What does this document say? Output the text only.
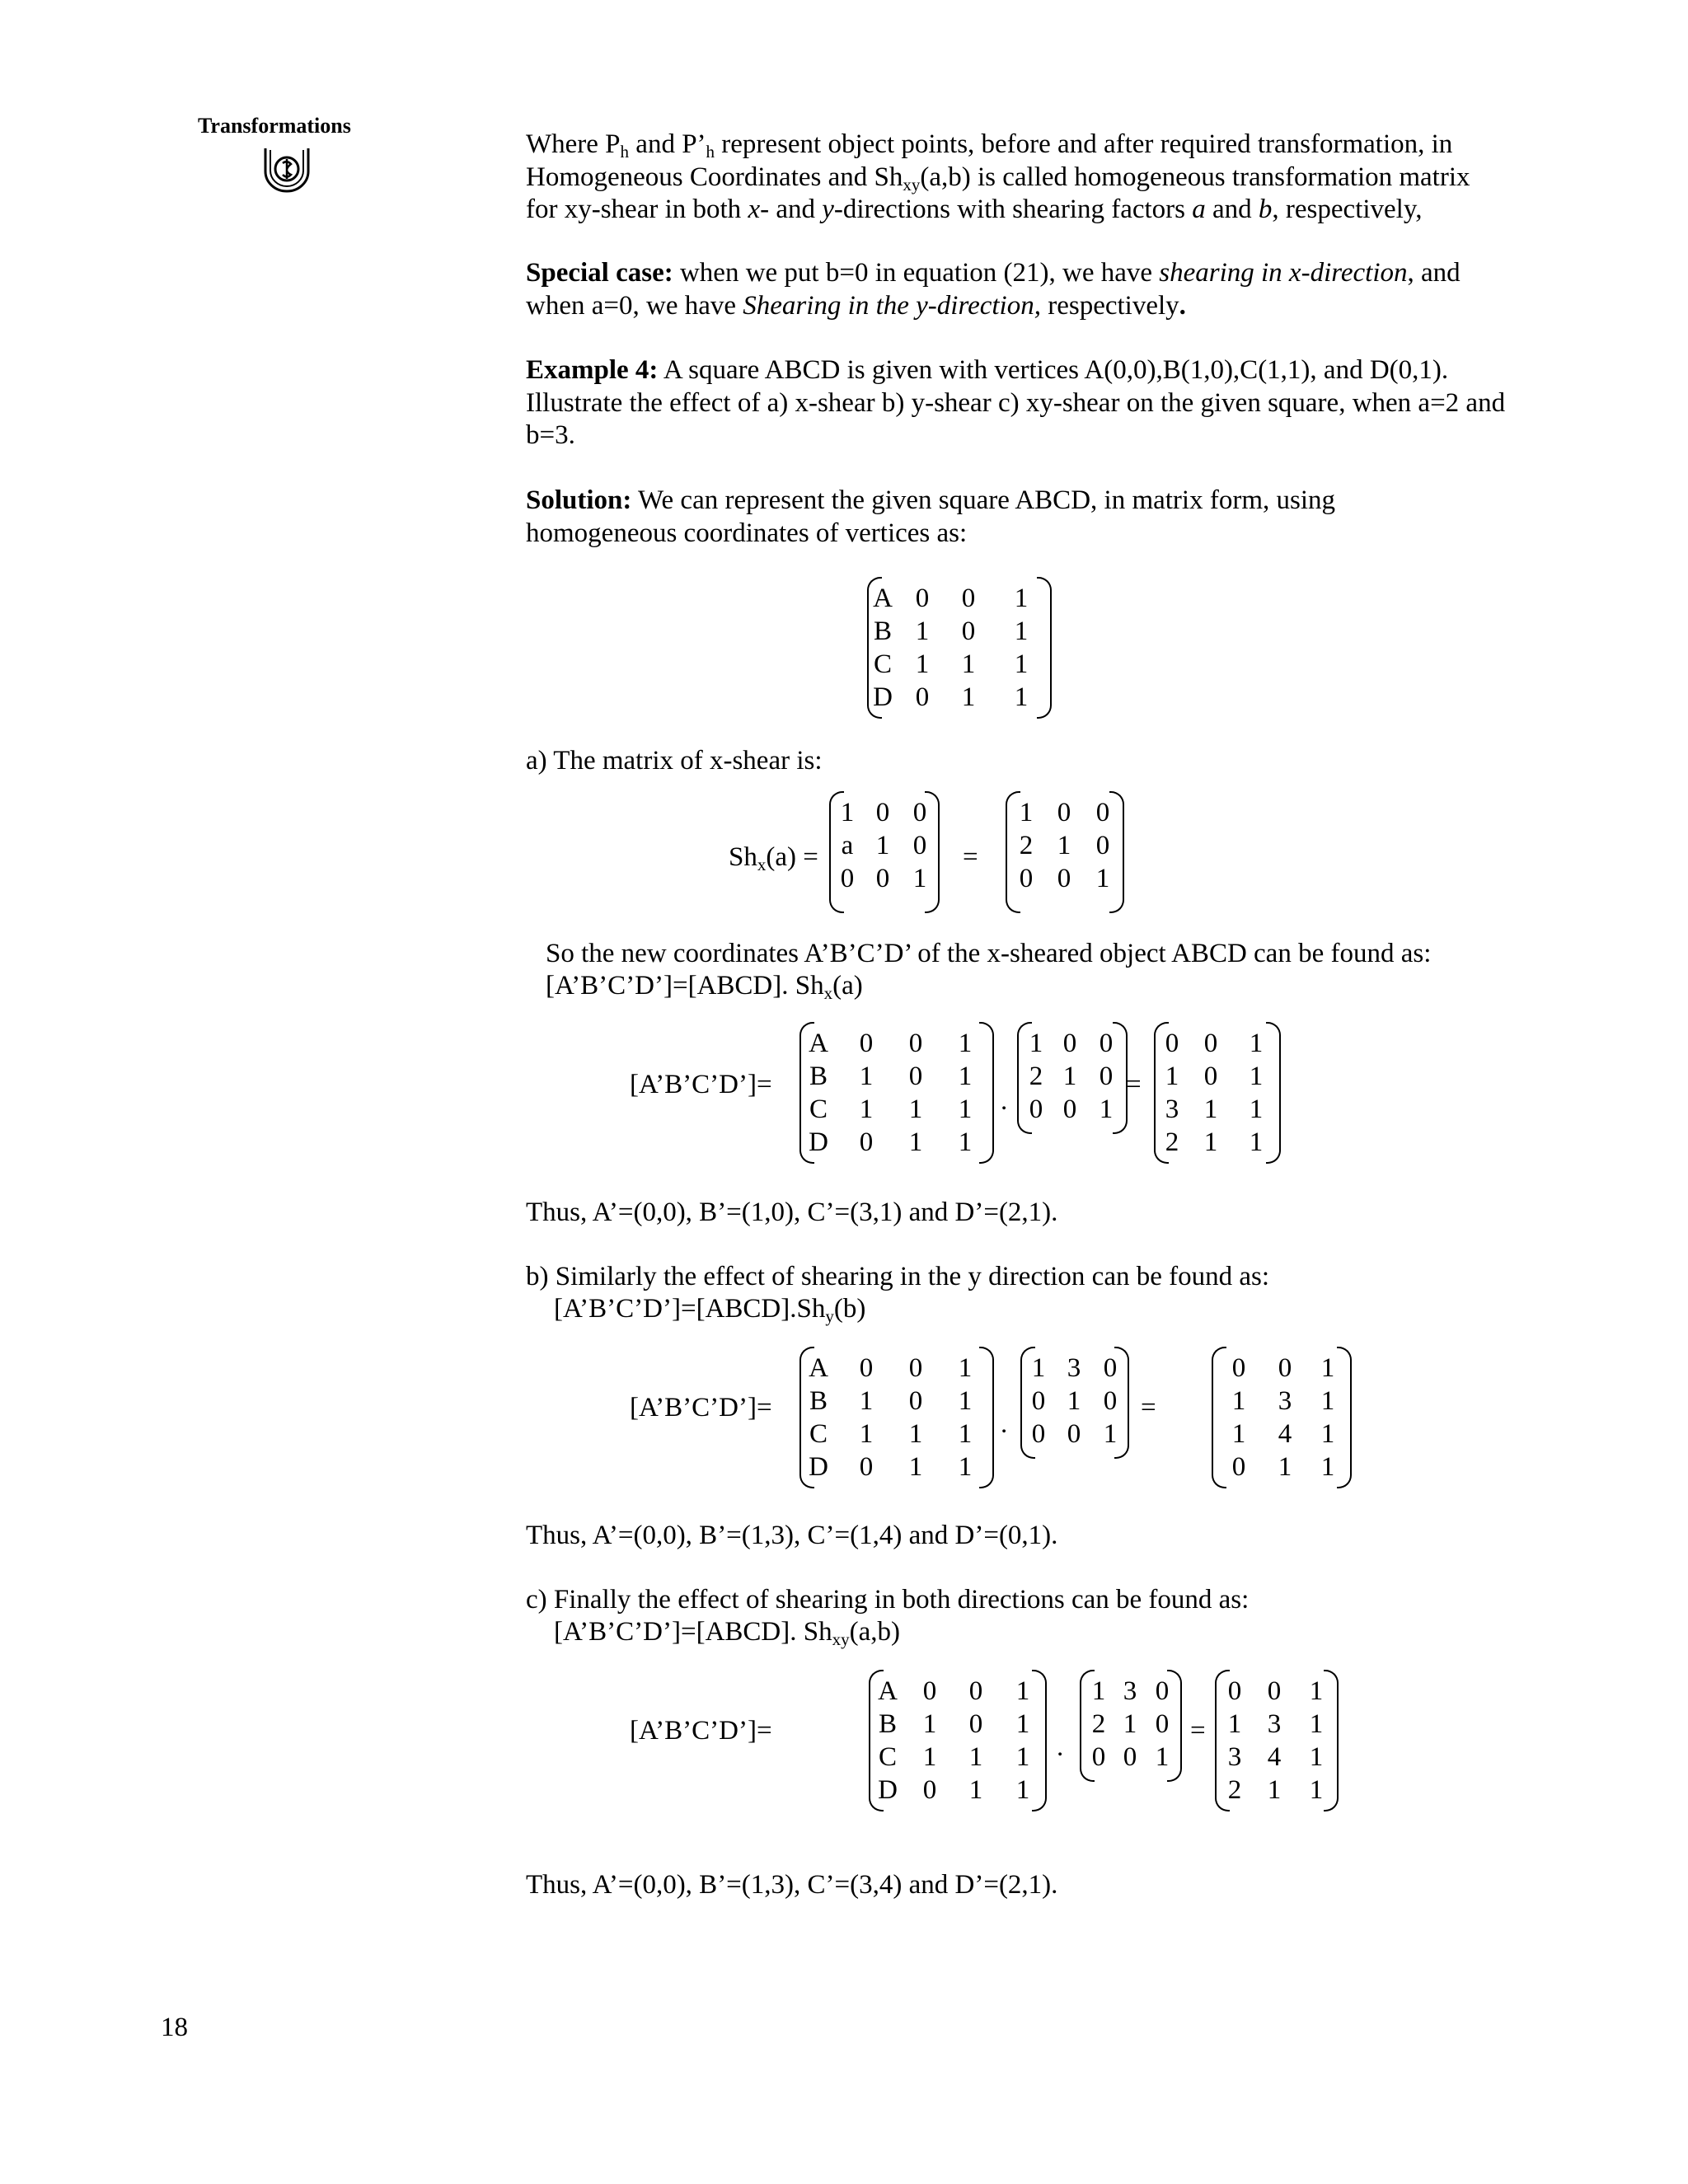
Transformations
Where $P_h$ and $P’_h$ represent object points, before and after required transformation, in Homogeneous Coordinates and $Sh_{xy}(a,b)$ is called homogeneous transformation matrix for xy-shear in both x- and y-directions with shearing factors a and b, respectively,
Special case: when we put b=0 in equation (21), we have shearing in x-direction, and when a=0, we have Shearing in the y-direction, respectively.
Example 4: A square ABCD is given with vertices A(0,0),B(1,0),C(1,1), and D(0,1). Illustrate the effect of a) x-shear b) y-shear c) xy-shear on the given square, when a=2 and b=3.
Solution: We can represent the given square ABCD, in matrix form, using homogeneous coordinates of vertices as:
A	0	0	1
B	1	0	1
C	1	1	1
D	0	1	1
a) The matrix of x-shear is:
$Sh_x(a)$ =
1	0	0
a	1	0
0	0	1
=
1	0	0
2	1	0
0	0	1
So the new coordinates A’B’C’D’ of the x-sheared object ABCD can be found as:
[A’B’C’D’]=[ABCD]. $Sh_x(a)$
[A’B’C’D’]=
A	0	0	1
B	1	0	1
C	1	1	1
D	0	1	1
.
1	0	0
2	1	0
0	0	1
=
0	0	1
1	0	1
3	1	1
2	1	1
Thus, A’=(0,0), B’=(1,0), C’=(3,1) and D’=(2,1).
b) Similarly the effect of shearing in the y direction can be found as:
$[A’B’C’D’]=[ABCD].Sh_y(b)$
[A’B’C’D’]=
A	0	0	1
B	1	0	1
C	1	1	1
D	0	1	1
.
1	3	0
0	1	0
0	0	1
=
0	0	1
1	3	1
1	4	1
0	1	1
Thus, A’=(0,0), B’=(1,3), C’=(1,4) and D’=(0,1).
c) Finally the effect of shearing in both directions can be found as:
[A’B’C’D’]=[ABCD]. $Sh_{xy}(a,b)$
[A’B’C’D’]=
A	0	0	1
B	1	0	1
C	1	1	1
D	0	1	1
.
1	3	0
2	1	0
0	0	1
=
0	0	1
1	3	1
3	4	1
2	1	1
Thus, A’=(0,0), B’=(1,3), C’=(3,4) and D’=(2,1).
18
